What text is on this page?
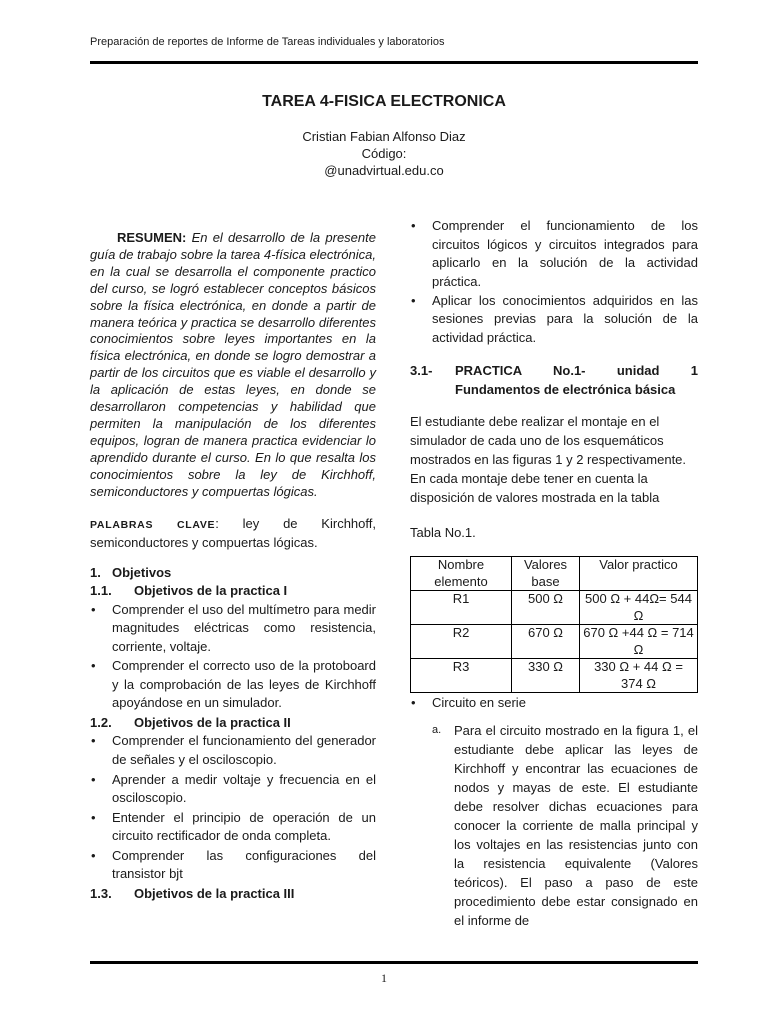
Preparación de reportes de Informe de Tareas individuales y laboratorios
TAREA 4-FISICA ELECTRONICA
Cristian Fabian Alfonso Diaz
Código:
@unadvirtual.edu.co

RESUMEN: En el desarrollo de la presente guía de trabajo sobre la tarea 4-física electrónica, en la cual se desarrolla el componente practico del curso, se logró establecer conceptos básicos sobre la física electrónica, en donde a partir de manera teórica y practica se desarrollo diferentes conocimientos sobre leyes importantes en la física electrónica, en donde se logro demostrar a partir de los circuitos que es viable el desarrollo y la aplicación de estas leyes, en donde se desarrollaron competencias y habilidad que permiten la manipulación de los diferentes equipos, logran de manera practica evidenciar lo aprendido durante el curso. En lo que resalta los conocimientos sobre la ley de Kirchhoff, semiconductores y compuertas lógicas.

PALABRAS CLAVE: ley de Kirchhoff, semiconductores y compuertas lógicas.

1. Objetivos
1.1.	Objetivos de la practica I
• Comprender el uso del multímetro para medir magnitudes eléctricas como resistencia, corriente, voltaje.
• Comprender el correcto uso de la protoboard y la comprobación de las leyes de Kirchhoff apoyándose en un simulador.
1.2.	Objetivos de la practica II
• Comprender el funcionamiento del generador de señales y el osciloscopio.
• Aprender a medir voltaje y frecuencia en el osciloscopio.
• Entender el principio de operación de un circuito rectificador de onda completa.
• Comprender las configuraciones del transistor bjt
1.3.	Objetivos de la practica III
• Comprender el funcionamiento de los circuitos lógicos y circuitos integrados para aplicarlo en la solución de la actividad práctica.
• Aplicar los conocimientos adquiridos en las sesiones previas para la solución de la actividad práctica.
3.1-	PRACTICA No.1- unidad 1 Fundamentos de electrónica básica
El estudiante debe realizar el montaje en el simulador de cada uno de los esquemáticos mostrados en las figuras 1 y 2 respectivamente. En cada montaje debe tener en cuenta la disposición de valores mostrada en la tabla
Tabla No.1.
Nombre elemento	Valores base	Valor practico
R1	500 Ω	500 Ω + 44Ω= 544 Ω
R2	670 Ω	670 Ω +44 Ω = 714 Ω
R3	330 Ω	330 Ω + 44 Ω = 374 Ω
• Circuito en serie
a. Para el circuito mostrado en la figura 1, el estudiante debe aplicar las leyes de Kirchhoff y encontrar las ecuaciones de nodos y mayas de este. El estudiante debe resolver dichas ecuaciones para conocer la corriente de malla principal y los voltajes en las resistencias junto con la resistencia equivalente (Valores teóricos). El paso a paso de este procedimiento debe estar consignado en el informe de
1
